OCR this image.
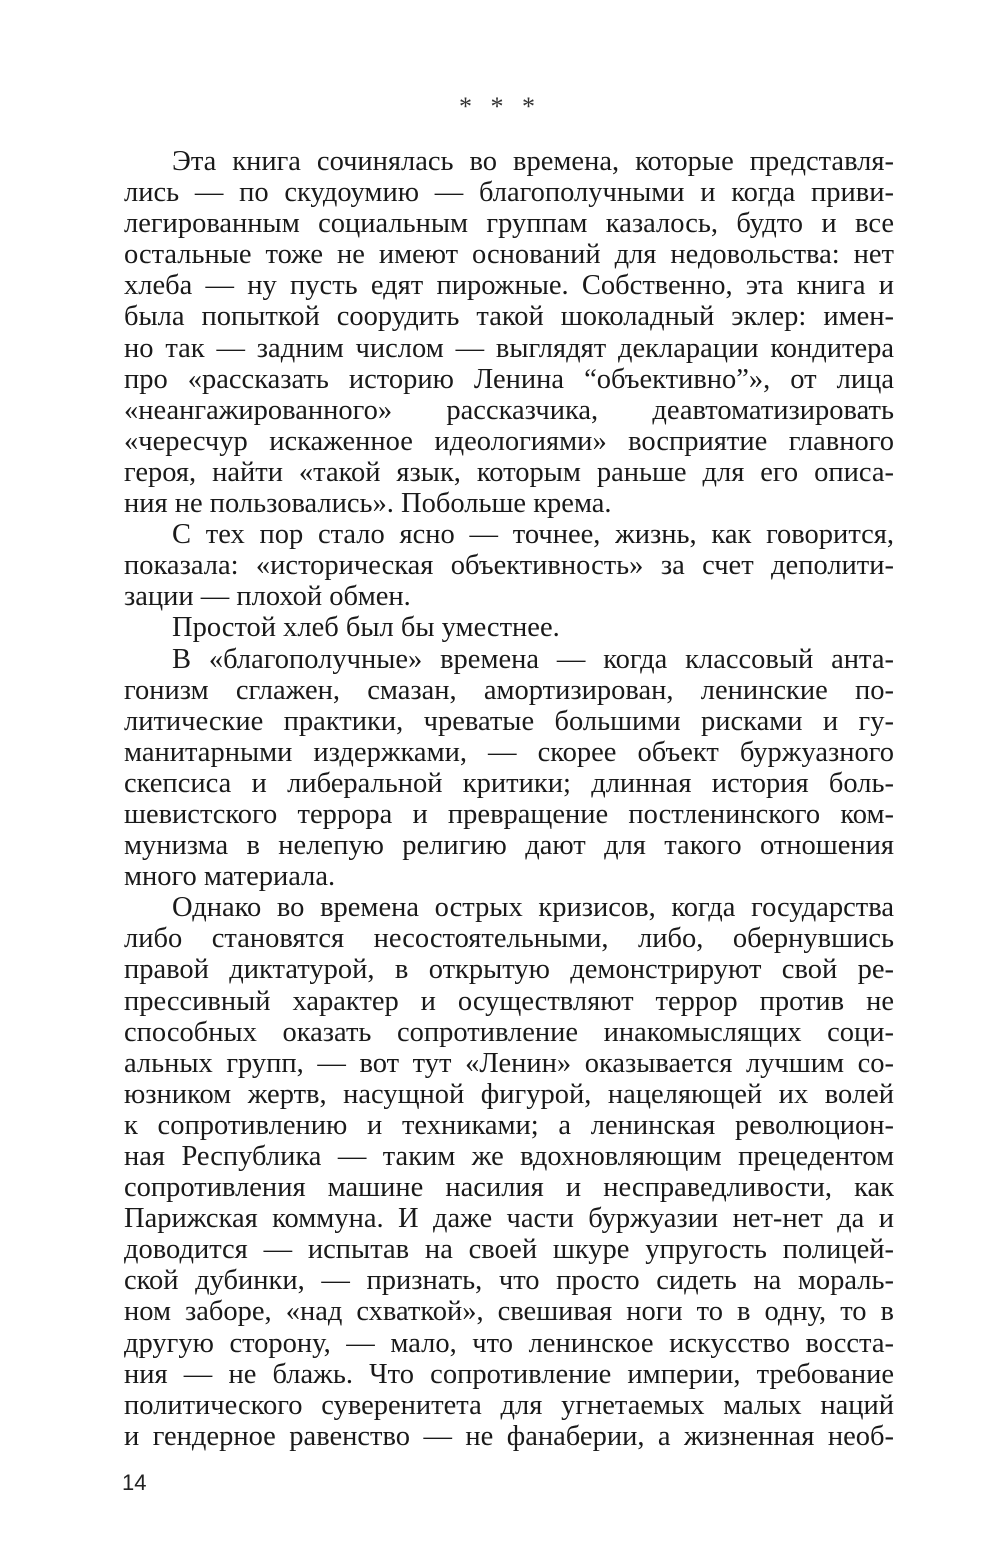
* * *
Эта книга сочинялась во времена, которые представля-
лись — по скудоумию — благополучными и когда приви-
легированным социальным группам казалось, будто и все
остальные тоже не имеют оснований для недовольства: нет
хлеба — ну пусть едят пирожные. Собственно, эта книга и
была попыткой соорудить такой шоколадный эклер: имен-
но так — задним числом — выглядят декларации кондитера
про «рассказать историю Ленина “объективно”», от лица
«неангажированного» рассказчика, деавтоматизировать
«чересчур искаженное идеологиями» восприятие главного
героя, найти «такой язык, которым раньше для его описа-
ния не пользовались». Побольше крема.
С тех пор стало ясно — точнее, жизнь, как говорится,
показала: «историческая объективность» за счет деполити-
зации — плохой обмен.
Простой хлеб был бы уместнее.
В «благополучные» времена — когда классовый анта-
гонизм сглажен, смазан, амортизирован, ленинские по-
литические практики, чреватые большими рисками и гу-
манитарными издержками, — скорее объект буржуазного
скепсиса и либеральной критики; длинная история боль-
шевистского террора и превращение постленинского ком-
мунизма в нелепую религию дают для такого отношения
много материала.
Однако во времена острых кризисов, когда государства
либо становятся несостоятельными, либо, обернувшись
правой диктатурой, в открытую демонстрируют свой ре-
прессивный характер и осуществляют террор против не
способных оказать сопротивление инакомыслящих соци-
альных групп, — вот тут «Ленин» оказывается лучшим со-
юзником жертв, насущной фигурой, нацеляющей их волей
к сопротивлению и техниками; а ленинская революцион-
ная Республика — таким же вдохновляющим прецедентом
сопротивления машине насилия и несправедливости, как
Парижская коммуна. И даже части буржуазии нет-нет да и
доводится — испытав на своей шкуре упругость полицей-
ской дубинки, — признать, что просто сидеть на мораль-
ном заборе, «над схваткой», свешивая ноги то в одну, то в
другую сторону, — мало, что ленинское искусство восста-
ния — не блажь. Что сопротивление империи, требование
политического суверенитета для угнетаемых малых наций
и гендерное равенство — не фанаберии, а жизненная необ-
14
